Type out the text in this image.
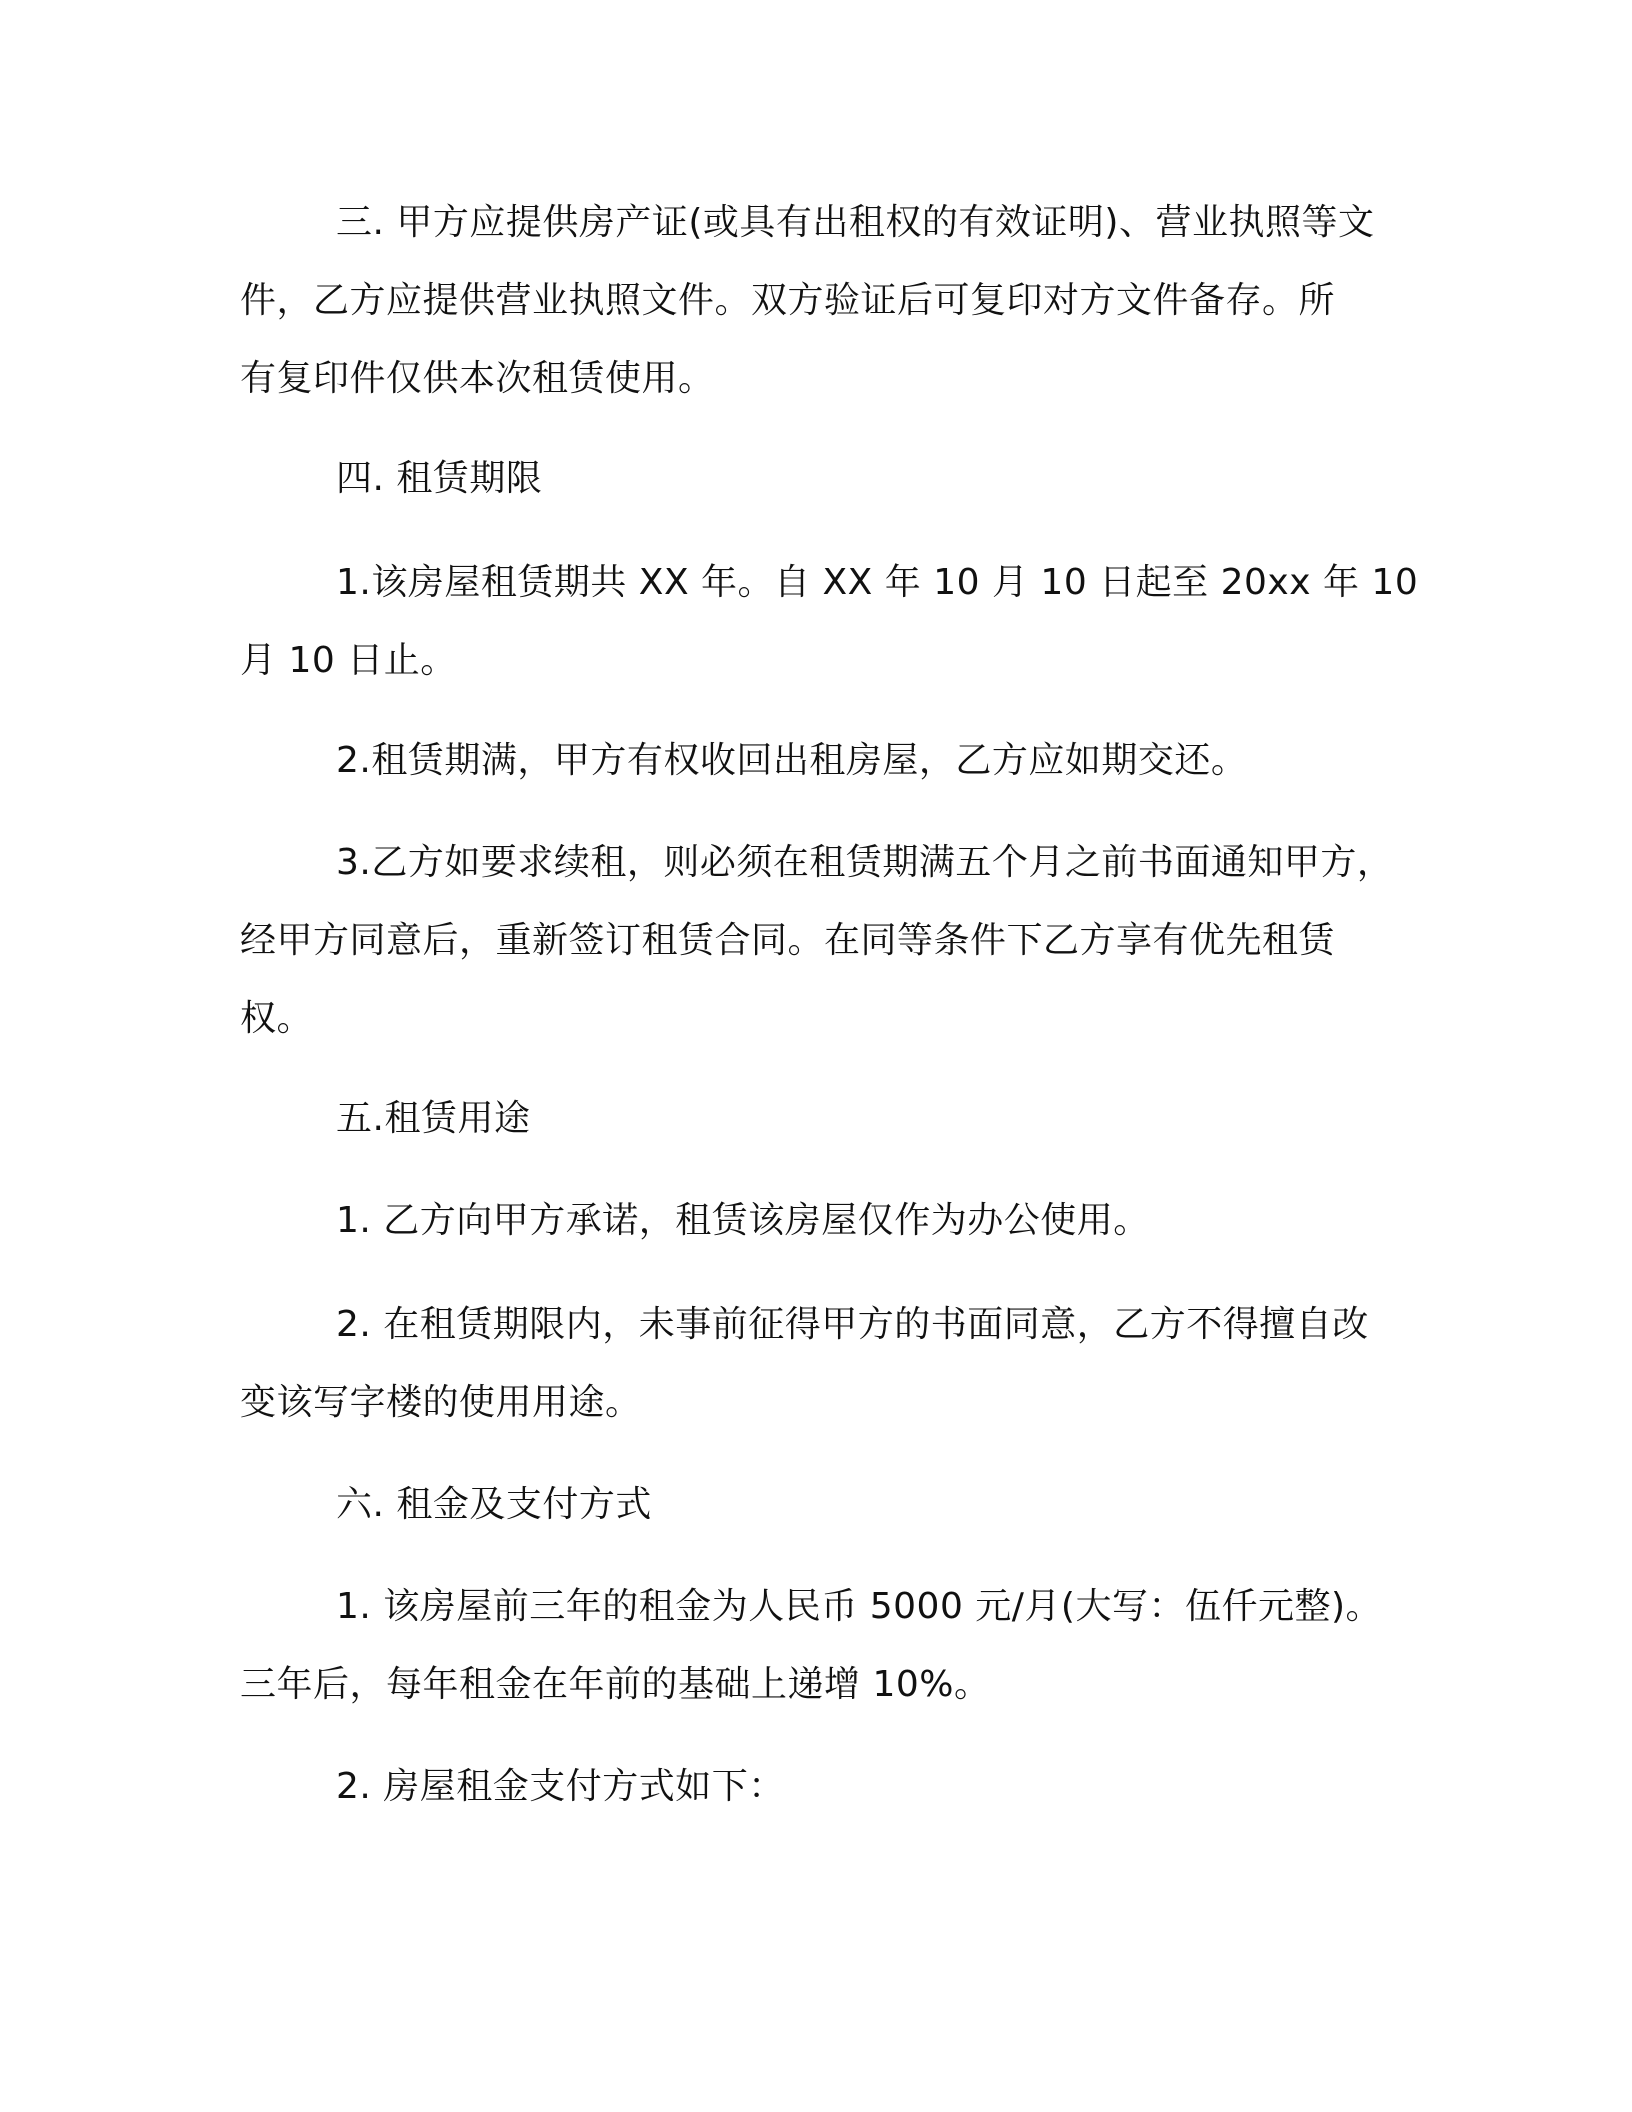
三. 甲方应提供房产证(或具有出租权的有效证明)、营业执照等文
件，乙方应提供营业执照文件。双方验证后可复印对方文件备存。所
有复印件仅供本次租赁使用。

四. 租赁期限

1.该房屋租赁期共 XX 年。自 XX 年 10 月 10 日起至 20xx 年 10
月 10 日止。

2.租赁期满，甲方有权收回出租房屋，乙方应如期交还。

3.乙方如要求续租，则必须在租赁期满五个月之前书面通知甲方，
经甲方同意后，重新签订租赁合同。在同等条件下乙方享有优先租赁
权。

五.租赁用途

1. 乙方向甲方承诺，租赁该房屋仅作为办公使用。

2. 在租赁期限内，未事前征得甲方的书面同意，乙方不得擅自改
变该写字楼的使用用途。

六. 租金及支付方式

1. 该房屋前三年的租金为人民币 5000 元/月(大写：伍仟元整)。
三年后，每年租金在年前的基础上递增 10%。

2. 房屋租金支付方式如下：
